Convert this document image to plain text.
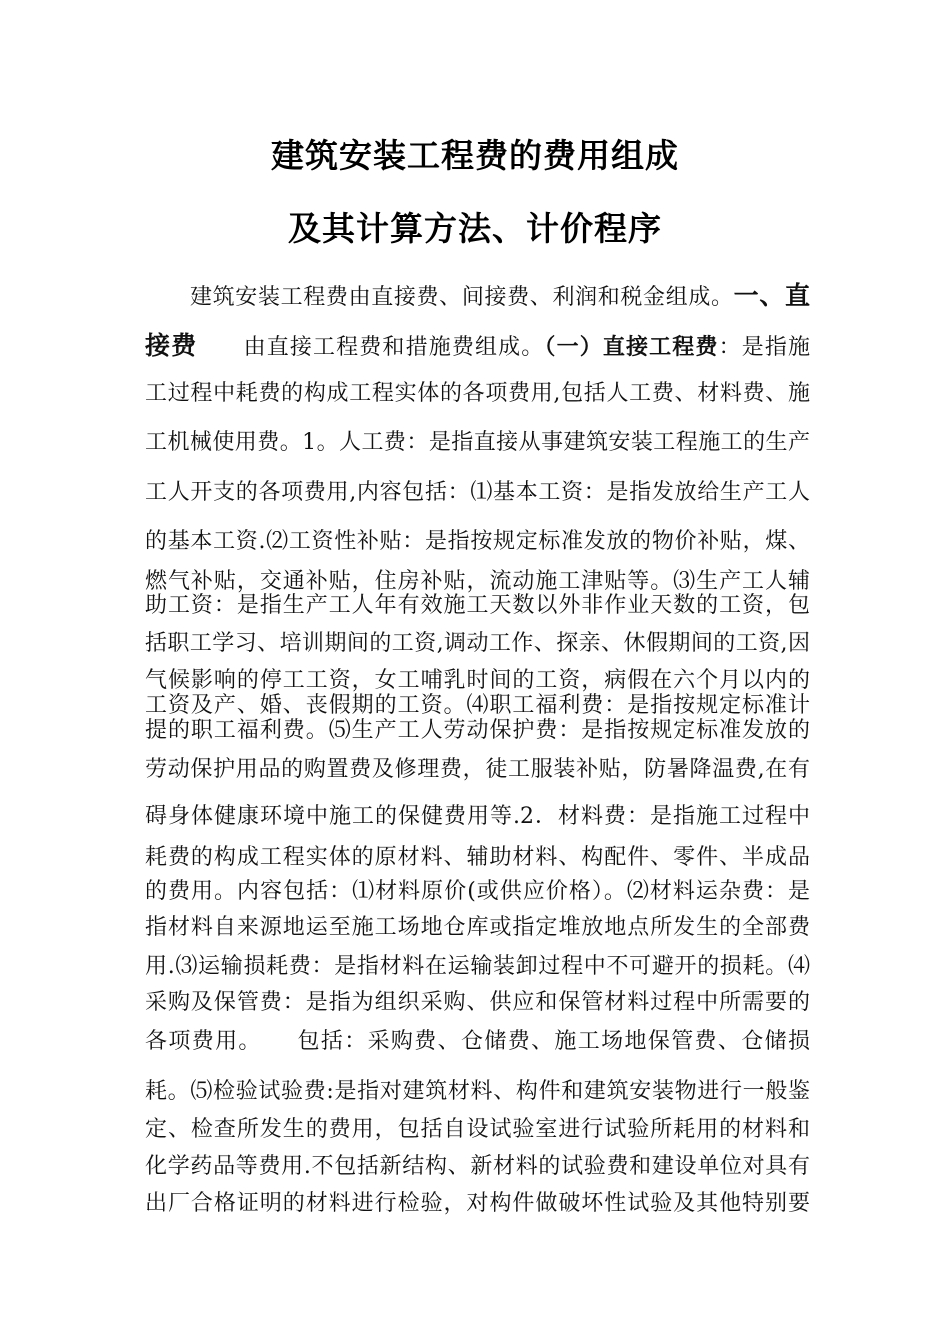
建筑安装工程费的费用组成
及其计算方法、计价程序

建筑安装工程费由直接费、间接费、利润和税金组成。一、直

接费　　由直接工程费和措施费组成。（一）直接工程费：是指施

工过程中耗费的构成工程实体的各项费用,包括人工费、材料费、施

工机械使用费。1。人工费：是指直接从事建筑安装工程施工的生产

工人开支的各项费用,内容包括：⑴基本工资：是指发放给生产工人

的基本工资.⑵工资性补贴：是指按规定标准发放的物价补贴，煤、

燃气补贴，交通补贴，住房补贴，流动施工津贴等。⑶生产工人辅

助工资：是指生产工人年有效施工天数以外非作业天数的工资，包

括职工学习、培训期间的工资,调动工作、探亲、休假期间的工资,因

气候影响的停工工资，女工哺乳时间的工资，病假在六个月以内的

工资及产、婚、丧假期的工资。⑷职工福利费：是指按规定标准计

提的职工福利费。⑸生产工人劳动保护费：是指按规定标准发放的

劳动保护用品的购置费及修理费，徒工服装补贴，防暑降温费,在有

碍身体健康环境中施工的保健费用等.2．材料费：是指施工过程中

耗费的构成工程实体的原材料、辅助材料、构配件、零件、半成品

的费用。内容包括：⑴材料原价(或供应价格）。⑵材料运杂费：是

指材料自来源地运至施工场地仓库或指定堆放地点所发生的全部费

用.⑶运输损耗费：是指材料在运输装卸过程中不可避开的损耗。⑷

采购及保管费：是指为组织采购、供应和保管材料过程中所需要的

各项费用。　　包括：采购费、仓储费、施工场地保管费、仓储损

耗。⑸检验试验费:是指对建筑材料、构件和建筑安装物进行一般鉴

定、检查所发生的费用，包括自设试验室进行试验所耗用的材料和

化学药品等费用.不包括新结构、新材料的试验费和建设单位对具有

出厂合格证明的材料进行检验，对构件做破坏性试验及其他特别要
